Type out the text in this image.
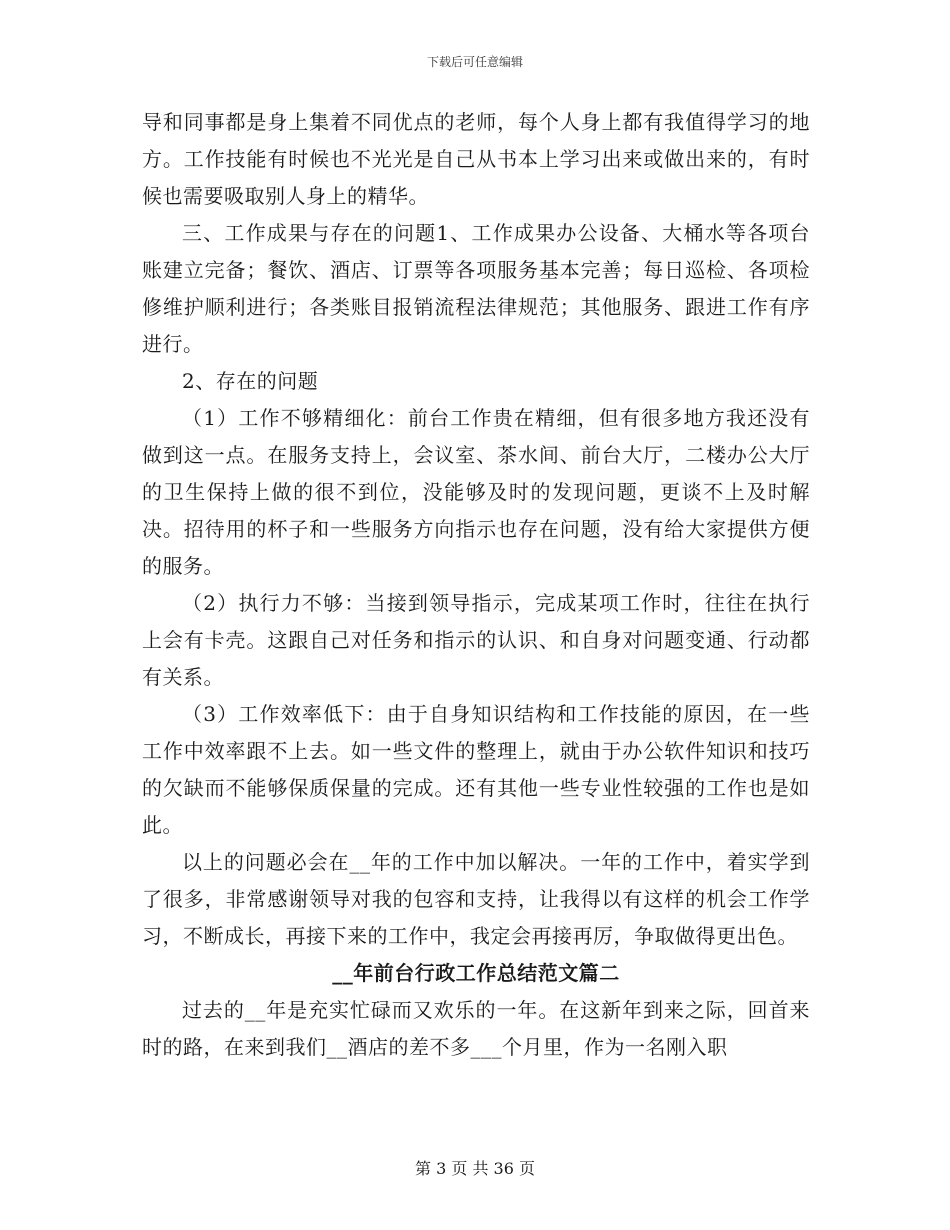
下载后可任意编辑

导和同事都是身上集着不同优点的老师，每个人身上都有我值得学习的地方。工作技能有时候也不光光是自己从书本上学习出来或做出来的，有时候也需要吸取别人身上的精华。

三、工作成果与存在的问题1、工作成果办公设备、大桶水等各项台账建立完备；餐饮、酒店、订票等各项服务基本完善；每日巡检、各项检修维护顺利进行；各类账目报销流程法律规范；其他服务、跟进工作有序进行。

2、存在的问题

（1）工作不够精细化：前台工作贵在精细，但有很多地方我还没有做到这一点。在服务支持上，会议室、茶水间、前台大厅，二楼办公大厅的卫生保持上做的很不到位，没能够及时的发现问题，更谈不上及时解决。招待用的杯子和一些服务方向指示也存在问题，没有给大家提供方便的服务。

（2）执行力不够：当接到领导指示，完成某项工作时，往往在执行上会有卡壳。这跟自己对任务和指示的认识、和自身对问题变通、行动都有关系。

（3）工作效率低下：由于自身知识结构和工作技能的原因，在一些工作中效率跟不上去。如一些文件的整理上，就由于办公软件知识和技巧的欠缺而不能够保质保量的完成。还有其他一些专业性较强的工作也是如此。

以上的问题必会在__年的工作中加以解决。一年的工作中，着实学到了很多，非常感谢领导对我的包容和支持，让我得以有这样的机会工作学习，不断成长，再接下来的工作中，我定会再接再厉，争取做得更出色。

__年前台行政工作总结范文篇二

过去的__年是充实忙碌而又欢乐的一年。在这新年到来之际，回首来时的路，在来到我们__酒店的差不多___个月里，作为一名刚入职

第 3 页 共 36 页
